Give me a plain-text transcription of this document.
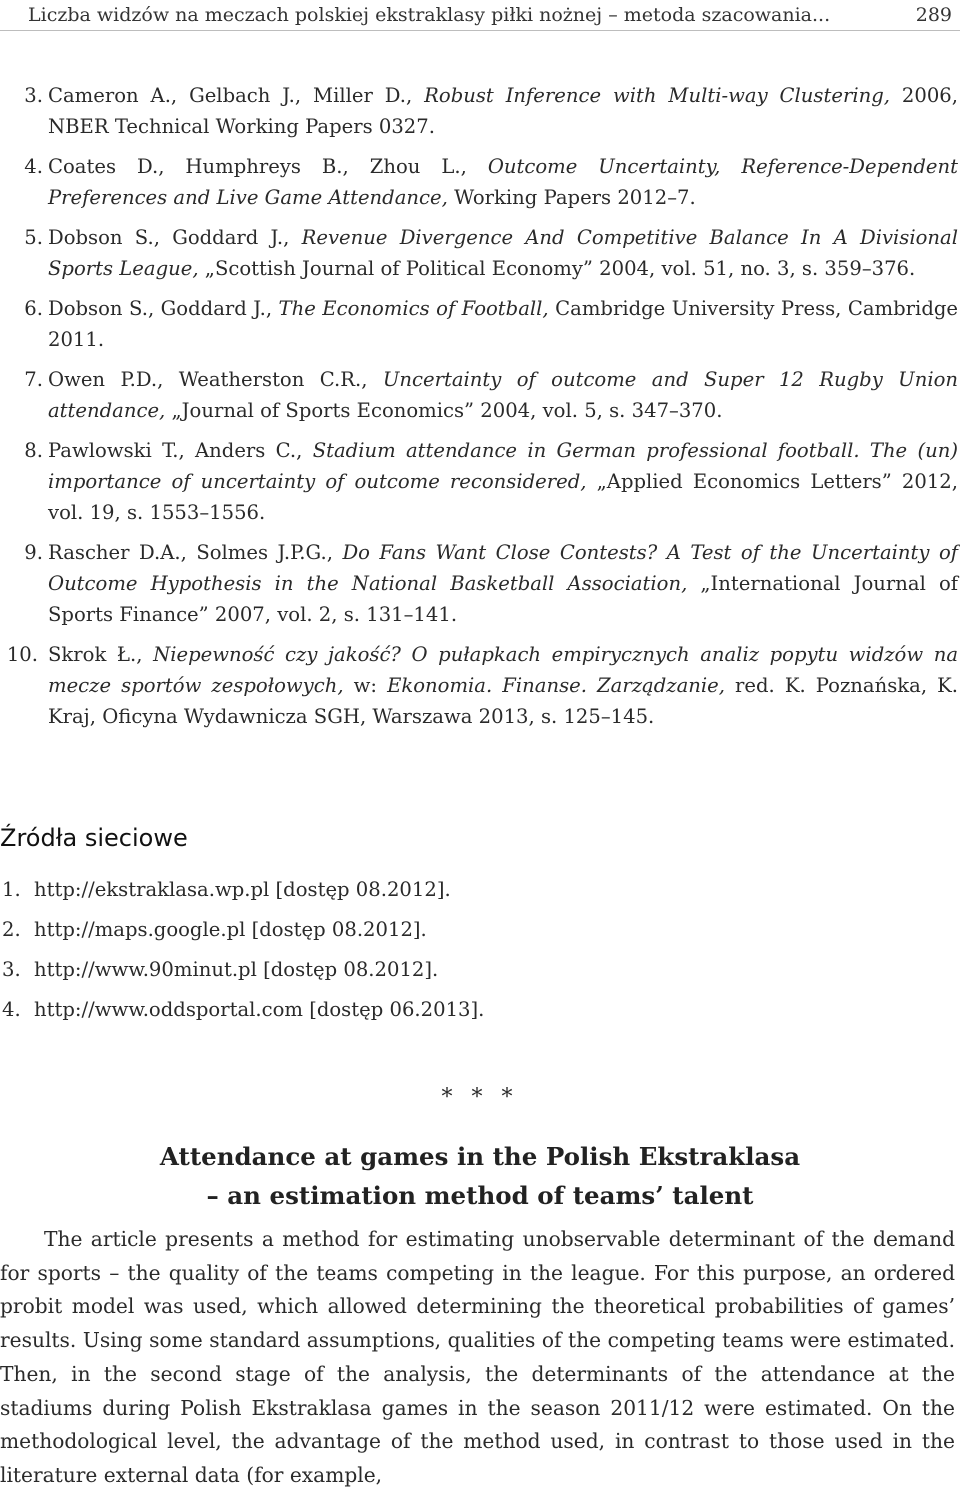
Liczba widzów na meczach polskiej ekstraklasy piłki nożnej – metoda szacowania...	289
3. Cameron A., Gelbach J., Miller D., Robust Inference with Multi-way Clustering, 2006, NBER Technical Working Papers 0327.
4. Coates D., Humphreys B., Zhou L., Outcome Uncertainty, Reference-Dependent Preferences and Live Game Attendance, Working Papers 2012–7.
5. Dobson S., Goddard J., Revenue Divergence And Competitive Balance In A Divisional Sports League, „Scottish Journal of Political Economy” 2004, vol. 51, no. 3, s. 359–376.
6. Dobson S., Goddard J., The Economics of Football, Cambridge University Press, Cambridge 2011.
7. Owen P.D., Weatherston C.R., Uncertainty of outcome and Super 12 Rugby Union attendance, „Journal of Sports Economics” 2004, vol. 5, s. 347–370.
8. Pawlowski T., Anders C., Stadium attendance in German professional football. The (un) importance of uncertainty of outcome reconsidered, „Applied Economics Letters” 2012, vol. 19, s. 1553–1556.
9. Rascher D.A., Solmes J.P.G., Do Fans Want Close Contests? A Test of the Uncertainty of Outcome Hypothesis in the National Basketball Association, „International Journal of Sports Finance” 2007, vol. 2, s. 131–141.
10. Skrok Ł., Niepewność czy jakość? O pułapkach empirycznych analiz popytu widzów na mecze sportów zespołowych, w: Ekonomia. Finanse. Zarządzanie, red. K. Poznańska, K. Kraj, Oficyna Wydawnicza SGH, Warszawa 2013, s. 125–145.
Źródła sieciowe
1. http://ekstraklasa.wp.pl [dostęp 08.2012].
2. http://maps.google.pl [dostęp 08.2012].
3. http://www.90minut.pl [dostęp 08.2012].
4. http://www.oddsportal.com [dostęp 06.2013].
* * *
Attendance at games in the Polish Ekstraklasa
– an estimation method of teams’ talent
The article presents a method for estimating unobservable determinant of the demand for sports – the quality of the teams competing in the league. For this purpose, an ordered probit model was used, which allowed determining the theoretical probabilities of games’ results. Using some standard assumptions, qualities of the competing teams were estimated. Then, in the second stage of the analysis, the determinants of the attendance at the stadiums during Polish Ekstraklasa games in the season 2011/12 were estimated. On the methodological level, the advantage of the method used, in contrast to those used in the literature external data (for example,
